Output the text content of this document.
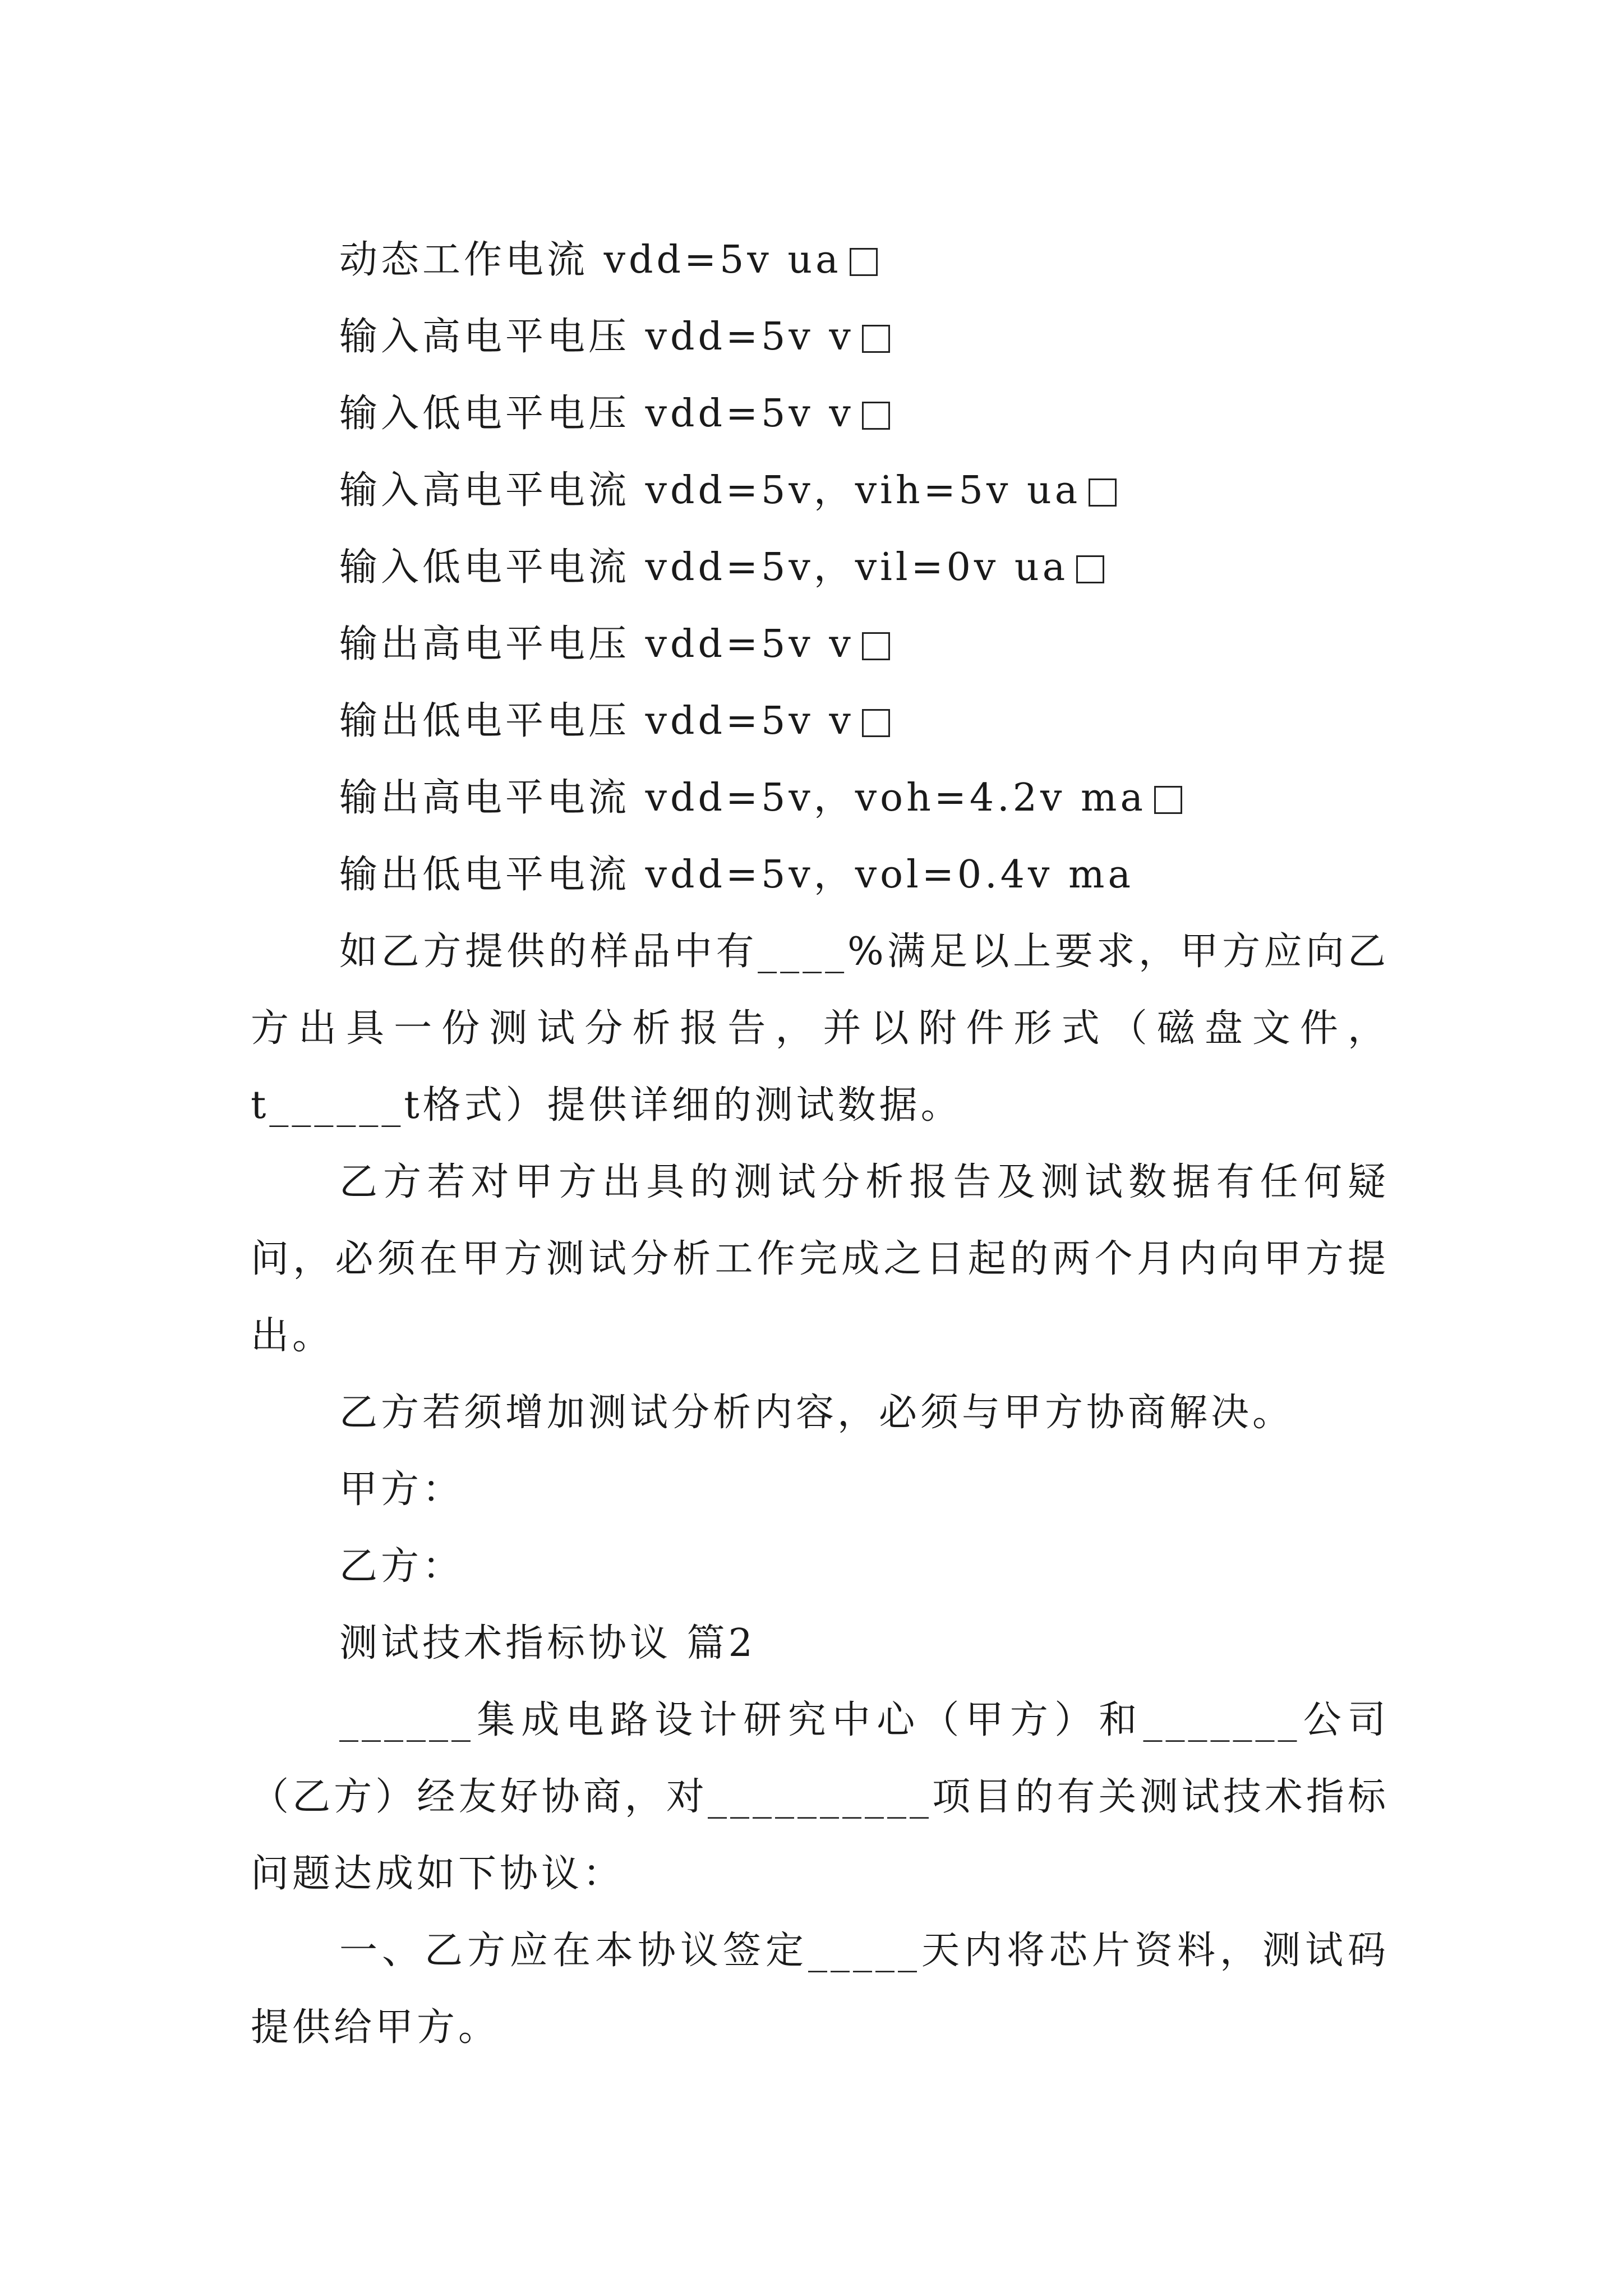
动态工作电流 vdd=5v ua
输入高电平电压 vdd=5v v
输入低电平电压 vdd=5v v
输入高电平电流 vdd=5v，vih=5v ua
输入低电平电流 vdd=5v，vil=0v ua
输出高电平电压 vdd=5v v
输出低电平电压 vdd=5v v
输出高电平电流 vdd=5v，voh=4.2v ma
输出低电平电流 vdd=5v，vol=0.4v ma
如乙方提供的样品中有____%满足以上要求，甲方应向乙方出具一份测试分析报告，并以附件形式（磁盘文件，t______t格式）提供详细的测试数据。
乙方若对甲方出具的测试分析报告及测试数据有任何疑问，必须在甲方测试分析工作完成之日起的两个月内向甲方提出。
乙方若须增加测试分析内容，必须与甲方协商解决。
甲方：
乙方：
测试技术指标协议 篇2
______集成电路设计研究中心（甲方）和_______公司（乙方）经友好协商，对__________项目的有关测试技术指标问题达成如下协议：
一、乙方应在本协议签定_____天内将芯片资料，测试码提供给甲方。
